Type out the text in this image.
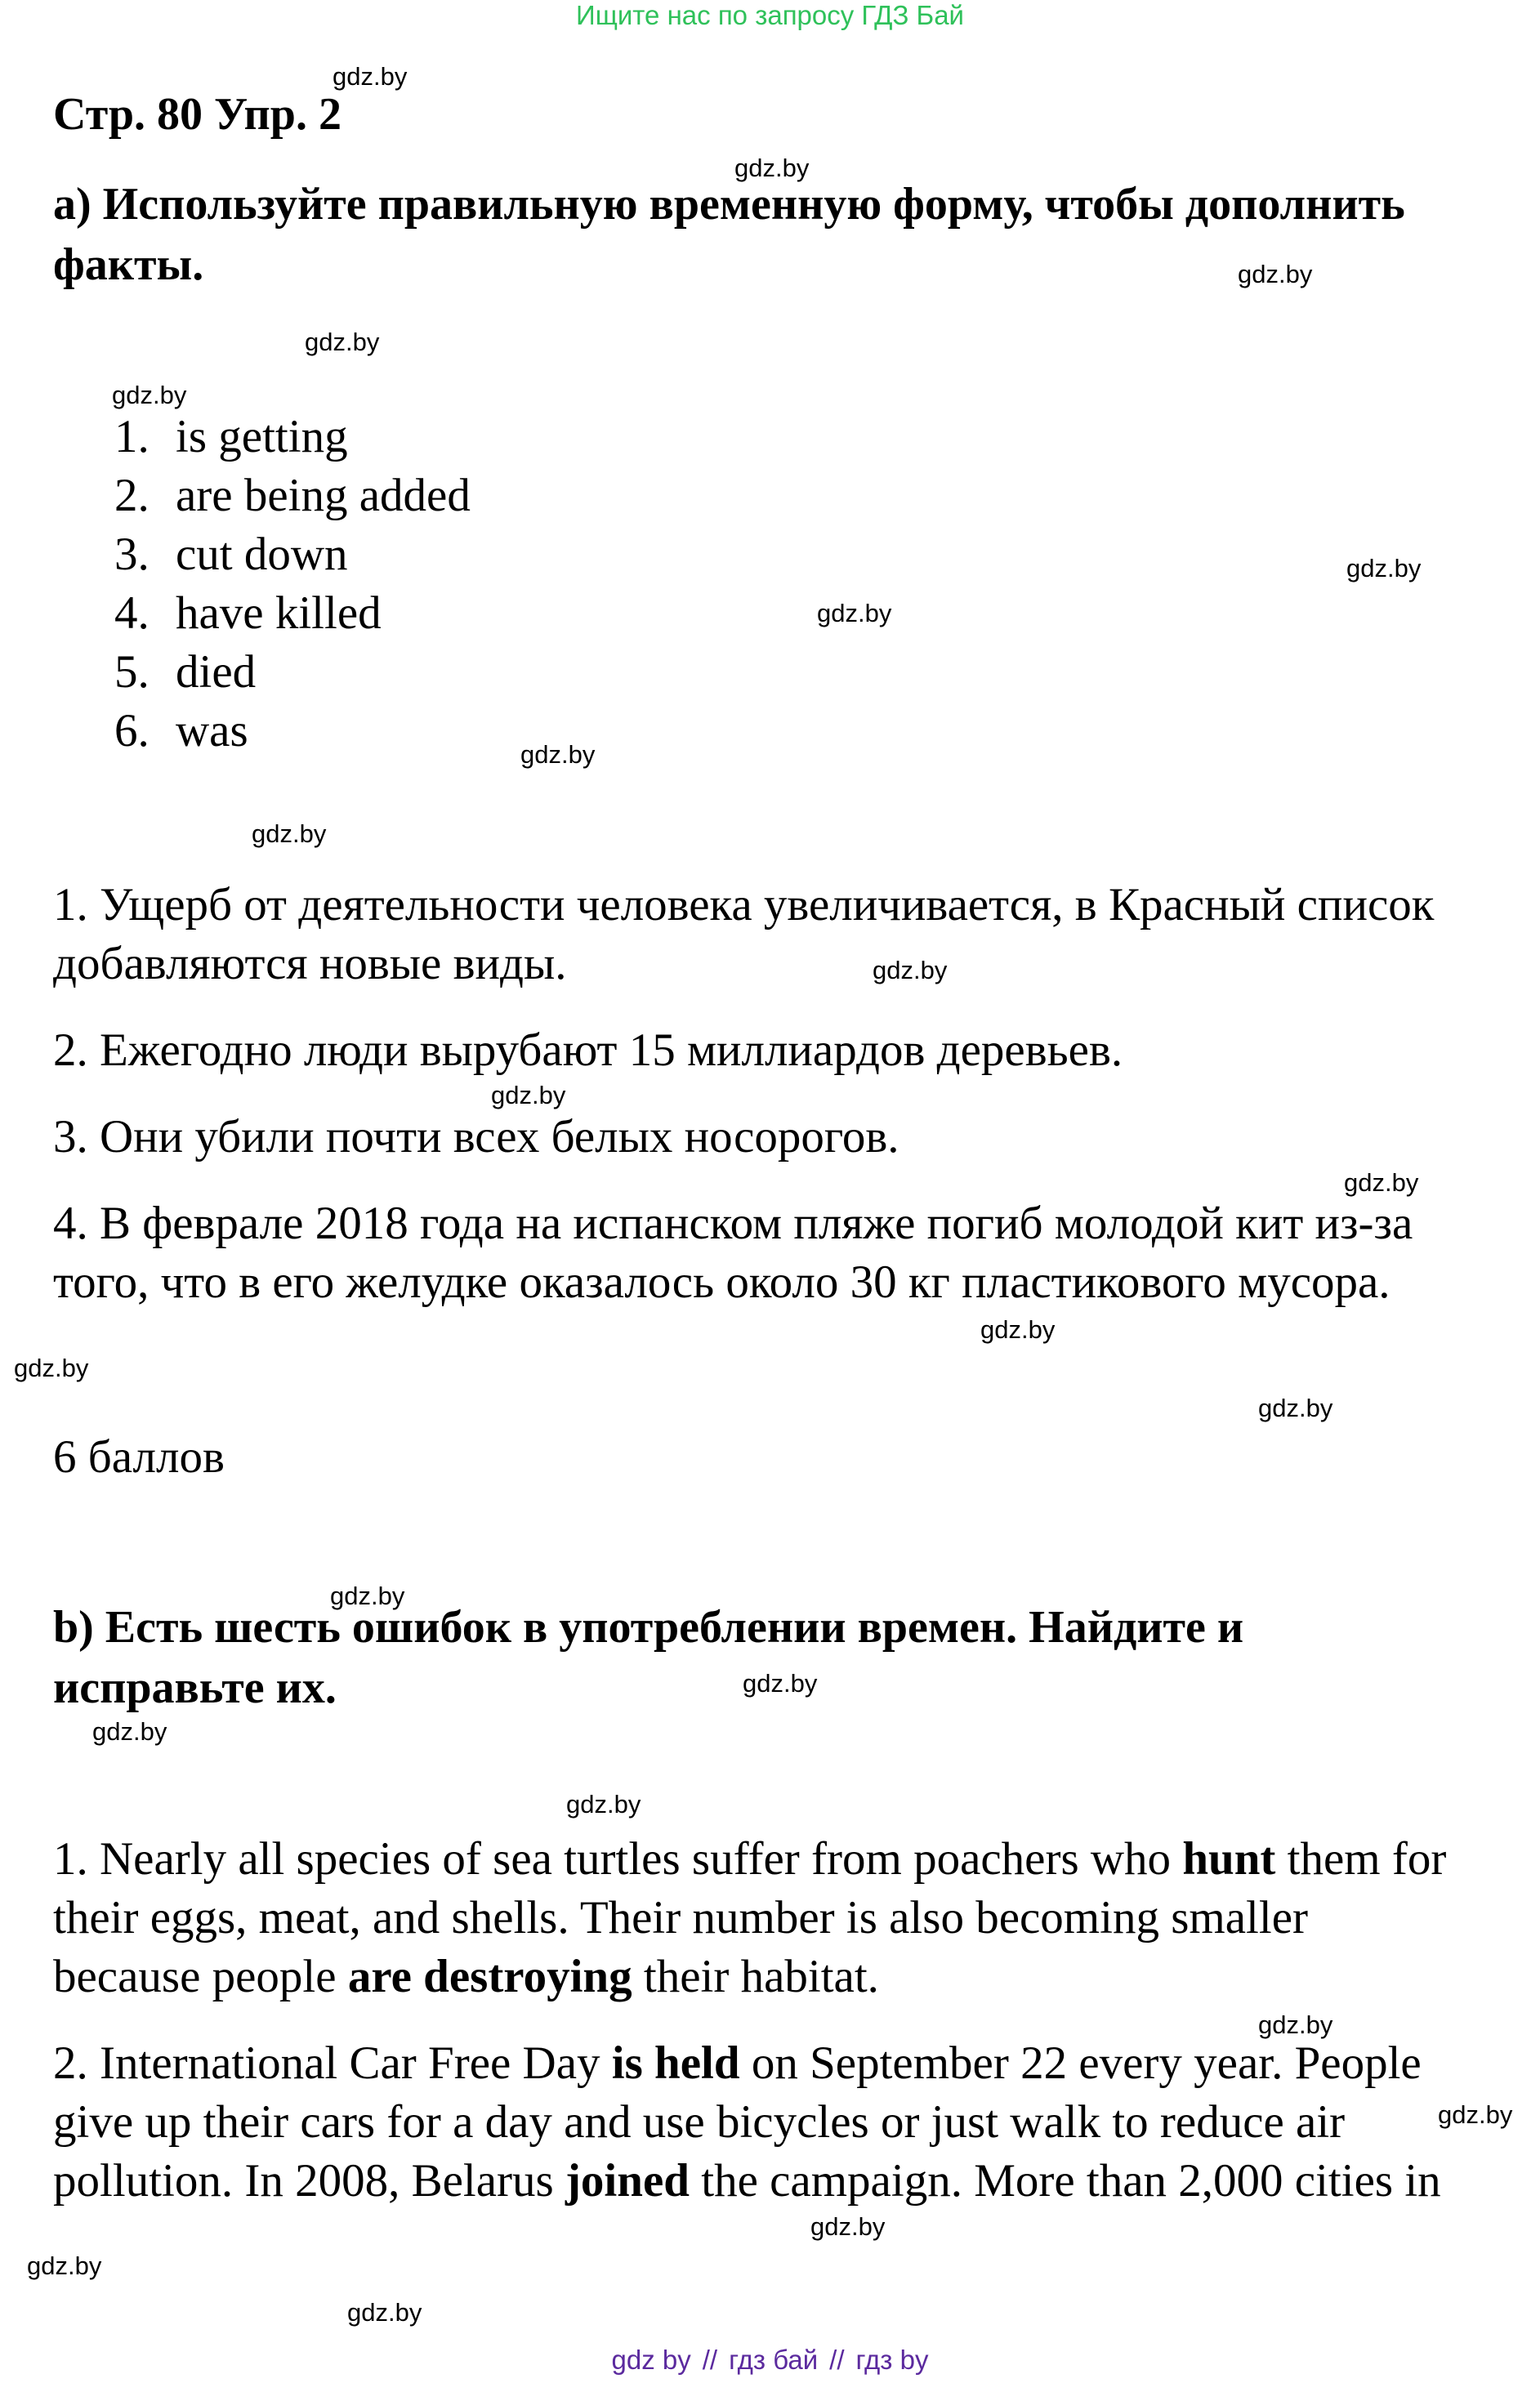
Ищите нас по запросу ГДЗ Бай
gdz.by
gdz.by
gdz.by
gdz.by
gdz.by
gdz.by
gdz.by
gdz.by
gdz.by
gdz.by
gdz.by
gdz.by
gdz.by
gdz.by
gdz.by
gdz.by
gdz.by
gdz.by
gdz.by
gdz.by
gdz.by
gdz.by
gdz.by
gdz.by
Стр. 80 Упр. 2
a) Используйте правильную временную форму, чтобы дополнить
факты.
1. is getting
2. are being added
3. cut down
4. have killed
5. died
6. was
1. Ущерб от деятельности человека увеличивается, в Красный список
добавляются новые виды.
2. Ежегодно люди вырубают 15 миллиардов деревьев.
3. Они убили почти всех белых носорогов.
4. В феврале 2018 года на испанском пляже погиб молодой кит из-за
того, что в его желудке оказалось около 30 кг пластикового мусора.
6 баллов
b) Есть шесть ошибок в употреблении времен. Найдите и
исправьте их.
1. Nearly all species of sea turtles suffer from poachers who hunt them for
their eggs, meat, and shells. Their number is also becoming smaller
because people are destroying their habitat.
2. International Car Free Day is held on September 22 every year. People
give up their cars for a day and use bicycles or just walk to reduce air
pollution. In 2008, Belarus joined the campaign. More than 2,000 cities in
gdz by // гдз бай // гдз by
